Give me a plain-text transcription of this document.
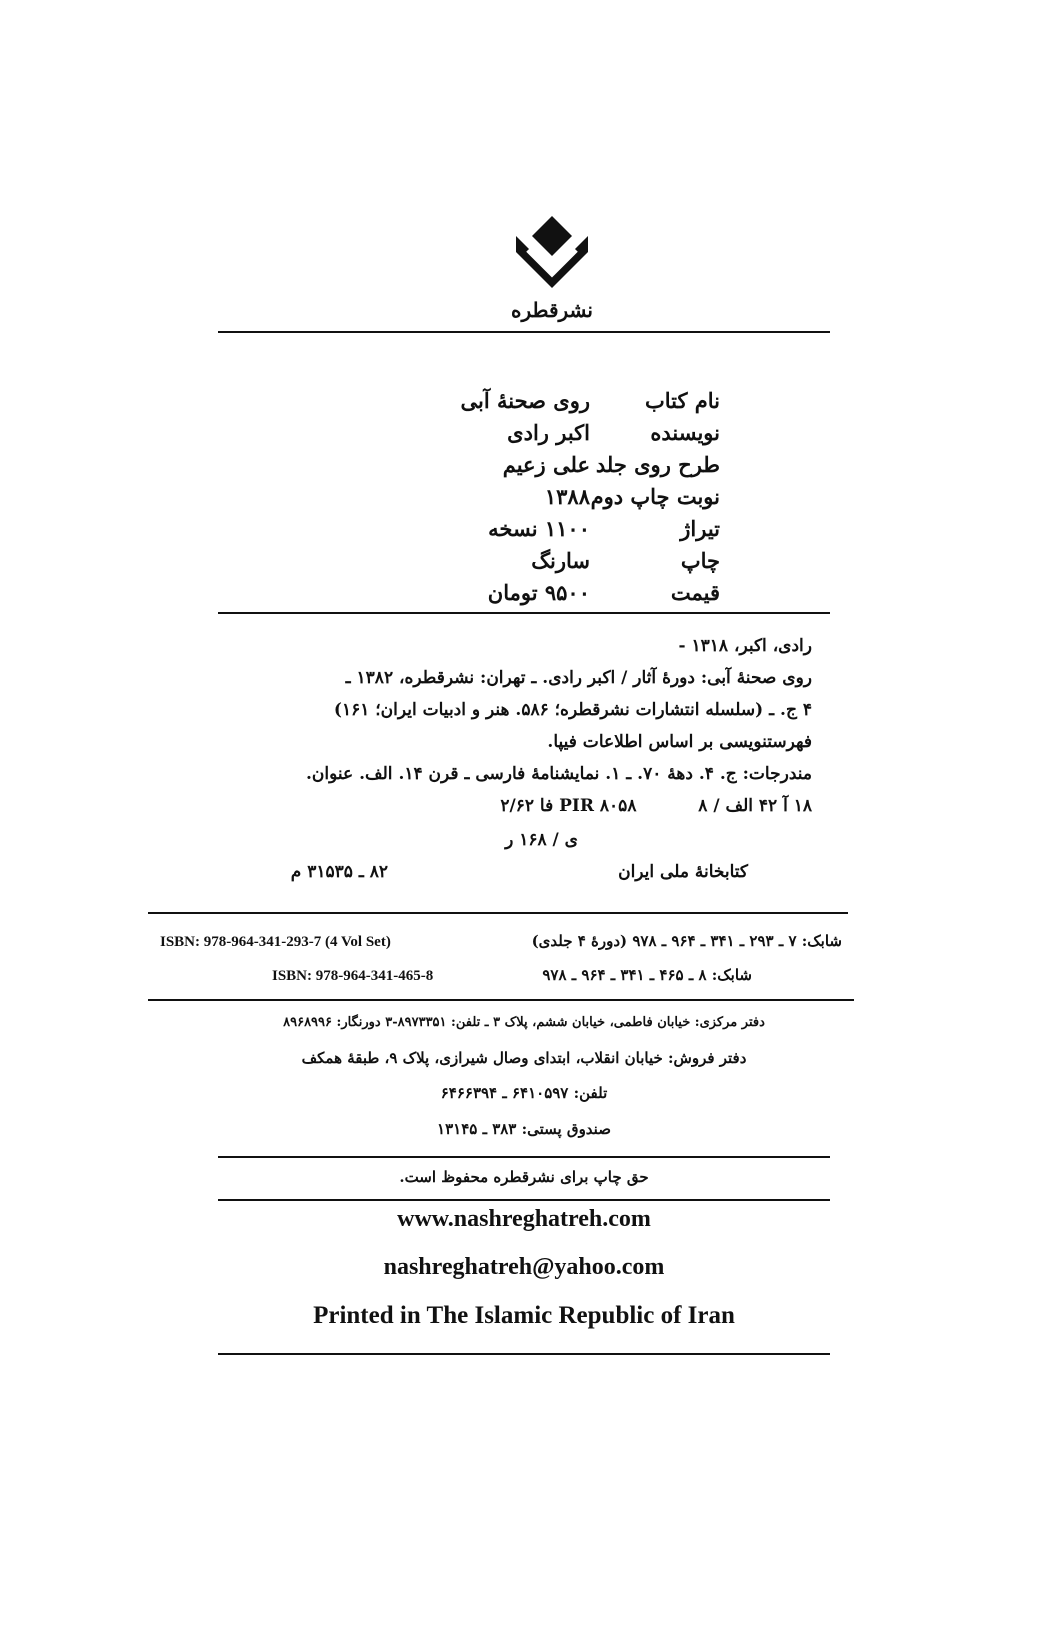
نشرقطره
نام کتاب
روی صحنهٔ آبی
نویسنده
اکبر رادی
طرح روی جلد
علی زعیم
نوبت چاپ دوم
۱۳۸۸
تیراژ
۱۱۰۰ نسخه
چاپ
سارنگ
قیمت
۹۵۰۰ تومان
رادی، اکبر، ۱۳۱۸ -
روی صحنهٔ آبی: دورهٔ آثار / اکبر رادی. ـ تهران: نشرقطره، ۱۳۸۲ ـ
۴ ج. ـ (سلسله انتشارات نشرقطره؛ ۵۸۶. هنر و ادبیات ایران؛ ۱۶۱)
فهرستنویسی بر اساس اطلاعات فیپا.
مندرجات: ج. ۴. دههٔ ۷۰. ـ ۱. نمایشنامهٔ فارسی ـ قرن ۱۴. الف. عنوان.
۱۸ آ ۴۲ الف / PIR ۸۰۵۸  ۸ فا ۲/۶۲
ی / ۱۶۸ ر
کتابخانهٔ ملی ایران
۸۲ ـ ۳۱۵۳۵ م
شابک: ۷ ـ ۲۹۳ ـ ۳۴۱ ـ ۹۶۴ ـ ۹۷۸ (دورهٔ ۴ جلدی)
ISBN: 978-964-341-293-7 (4 Vol Set)
شابک: ۸ ـ ۴۶۵ ـ ۳۴۱ ـ ۹۶۴ ـ ۹۷۸
ISBN: 978-964-341-465-8
دفتر مرکزی: خیابان فاطمی، خیابان ششم، پلاک ۳ ـ تلفن: ۸۹۷۳۳۵۱-۳ دورنگار: ۸۹۶۸۹۹۶
دفتر فروش: خیابان انقلاب، ابتدای وصال شیرازی، پلاک ۹، طبقهٔ همکف
تلفن: ۶۴۱۰۵۹۷ ـ ۶۴۶۶۳۹۴
صندوق پستی: ۳۸۳ ـ ۱۳۱۴۵
حق چاپ برای نشرقطره محفوظ است.
www.nashreghatreh.com
nashreghatreh@yahoo.com
Printed in The Islamic Republic of Iran
